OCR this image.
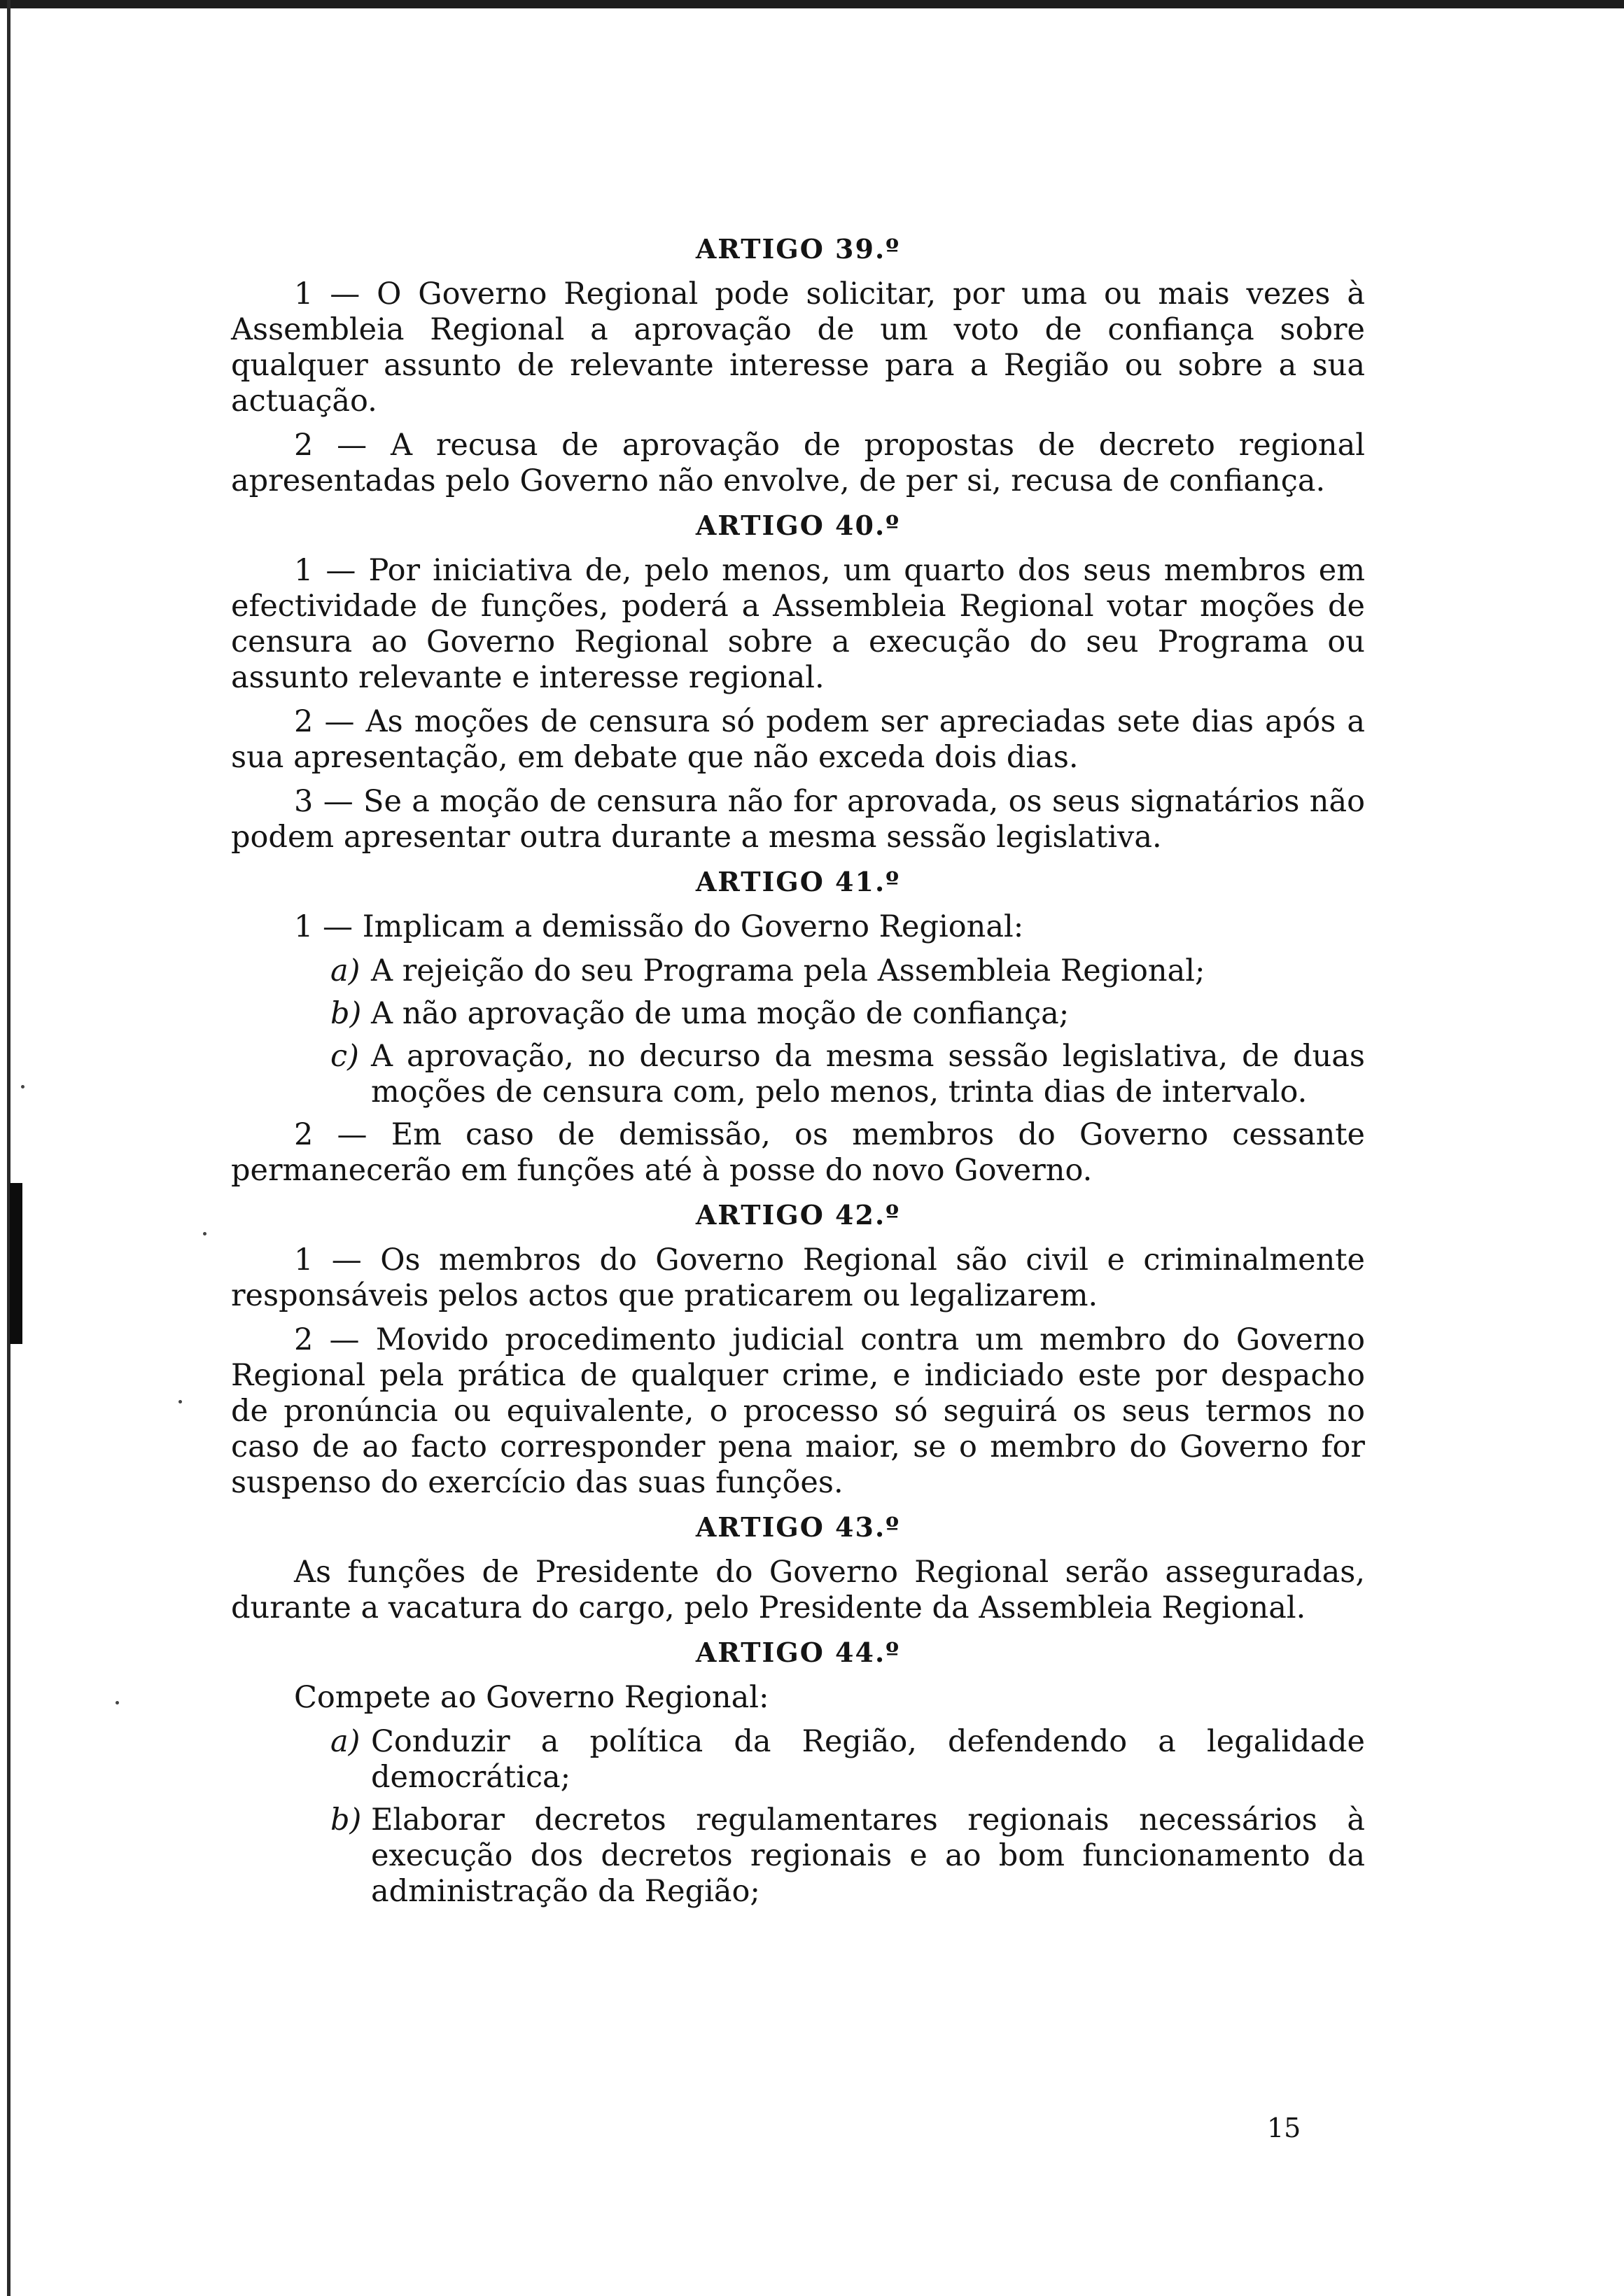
ARTIGO 39.º

1 — O Governo Regional pode solicitar, por uma ou mais vezes à Assembleia Regional a aprovação de um voto de confiança sobre qualquer assunto de relevante interesse para a Região ou sobre a sua actuação.

2 — A recusa de aprovação de propostas de decreto regional apresentadas pelo Governo não envolve, de per si, recusa de confiança.

ARTIGO 40.º

1 — Por iniciativa de, pelo menos, um quarto dos seus membros em efectividade de funções, poderá a Assembleia Regional votar moções de censura ao Governo Regional sobre a execução do seu Programa ou assunto relevante e interesse regional.

2 — As moções de censura só podem ser apreciadas sete dias após a sua apresentação, em debate que não exceda dois dias.

3 — Se a moção de censura não for aprovada, os seus signatários não podem apresentar outra durante a mesma sessão legislativa.

ARTIGO 41.º

1 — Implicam a demissão do Governo Regional:

a) A rejeição do seu Programa pela Assembleia Regional;

b) A não aprovação de uma moção de confiança;

c) A aprovação, no decurso da mesma sessão legislativa, de duas moções de censura com, pelo menos, trinta dias de intervalo.

2 — Em caso de demissão, os membros do Governo cessante permanecerão em funções até à posse do novo Governo.

ARTIGO 42.º

1 — Os membros do Governo Regional são civil e criminalmente responsáveis pelos actos que praticarem ou legalizarem.

2 — Movido procedimento judicial contra um membro do Governo Regional pela prática de qualquer crime, e indiciado este por despacho de pronúncia ou equivalente, o processo só seguirá os seus termos no caso de ao facto corresponder pena maior, se o membro do Governo for suspenso do exercício das suas funções.

ARTIGO 43.º

As funções de Presidente do Governo Regional serão asseguradas, durante a vacatura do cargo, pelo Presidente da Assembleia Regional.

ARTIGO 44.º

Compete ao Governo Regional:

a) Conduzir a política da Região, defendendo a legalidade democrática;

b) Elaborar decretos regulamentares regionais necessários à execução dos decretos regionais e ao bom funcionamento da administração da Região;

15
